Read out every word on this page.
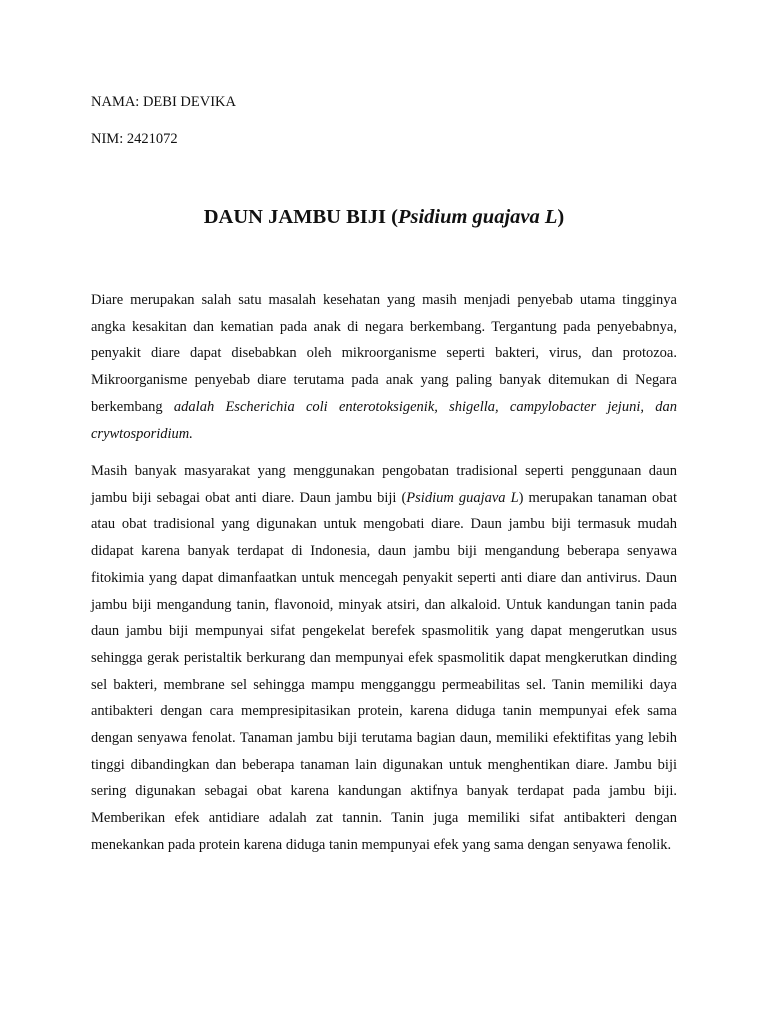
NAMA: DEBI DEVIKA

NIM: 2421072

DAUN JAMBU BIJI (Psidium guajava L)

Diare merupakan salah satu masalah kesehatan yang masih menjadi penyebab utama tingginya angka kesakitan dan kematian pada anak di negara berkembang. Tergantung pada penyebabnya, penyakit diare dapat disebabkan oleh mikroorganisme seperti bakteri, virus, dan protozoa. Mikroorganisme penyebab diare terutama pada anak yang paling banyak ditemukan di Negara berkembang adalah Escherichia coli enterotoksigenik, shigella, campylobacter jejuni, dan crywtosporidium.

Masih banyak masyarakat yang menggunakan pengobatan tradisional seperti penggunaan daun jambu biji sebagai obat anti diare. Daun jambu biji (Psidium guajava L) merupakan tanaman obat atau obat tradisional yang digunakan untuk mengobati diare. Daun jambu biji termasuk mudah didapat karena banyak terdapat di Indonesia, daun jambu biji mengandung beberapa senyawa fitokimia yang dapat dimanfaatkan untuk mencegah penyakit seperti anti diare dan antivirus. Daun jambu biji mengandung tanin, flavonoid, minyak atsiri, dan alkaloid. Untuk kandungan tanin pada daun jambu biji mempunyai sifat pengekelat berefek spasmolitik yang dapat mengerutkan usus sehingga gerak peristaltik berkurang dan mempunyai efek spasmolitik dapat mengkerutkan dinding sel bakteri, membrane sel sehingga mampu mengganggu permeabilitas sel. Tanin memiliki daya antibakteri dengan cara mempresipitasikan protein, karena diduga tanin mempunyai efek sama dengan senyawa fenolat. Tanaman jambu biji terutama bagian daun, memiliki efektifitas yang lebih tinggi dibandingkan dan beberapa tanaman lain digunakan untuk menghentikan diare. Jambu biji sering digunakan sebagai obat karena kandungan aktifnya banyak terdapat pada jambu biji. Memberikan efek antidiare adalah zat tannin. Tanin juga memiliki sifat antibakteri dengan menekankan pada protein karena diduga tanin mempunyai efek yang sama dengan senyawa fenolik.
